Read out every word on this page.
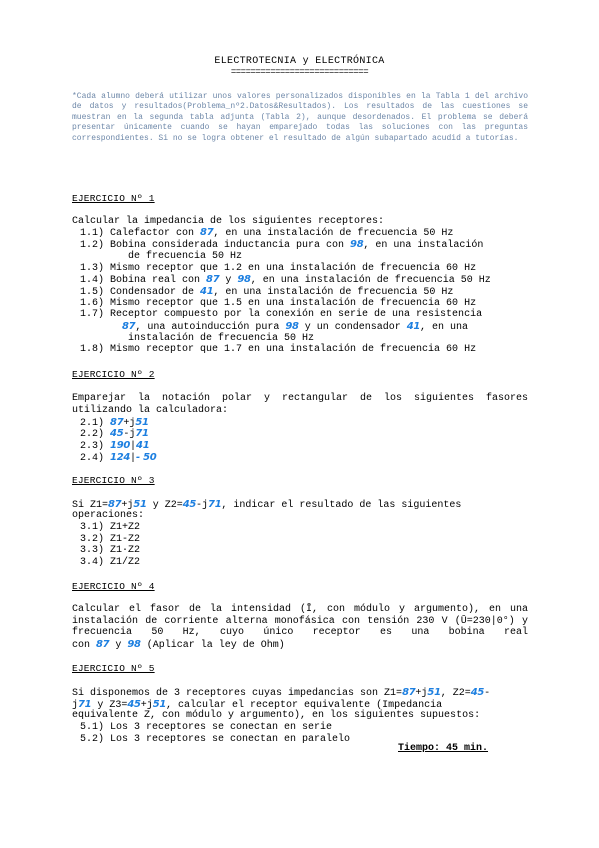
ELECTROTECNIA y ELECTRÓNICA
============================
*Cada alumno deberá utilizar unos valores personalizados disponibles en la Tabla 1 del archivo de datos y resultados(Problema_nº2.Datos&Resultados). Los resultados de las cuestiones se muestran en la segunda tabla adjunta (Tabla 2), aunque desordenados. El problema se deberá presentar únicamente cuando se hayan emparejado todas las soluciones con las preguntas correspondientes. Si no se logra obtener el resultado de algún subapartado acudid a tutorías.
EJERCICIO Nº 1
Calcular la impedancia de los siguientes receptores:
1.1) Calefactor con 87, en una instalación de frecuencia 50 Hz
1.2) Bobina considerada inductancia pura con 98, en una instalación
de frecuencia 50 Hz
1.3) Mismo receptor que 1.2 en una instalación de frecuencia 60 Hz
1.4) Bobina real con 87 y 98, en una instalación de frecuencia 50 Hz
1.5) Condensador de 41, en una instalación de frecuencia 50 Hz
1.6) Mismo receptor que 1.5 en una instalación de frecuencia 60 Hz
1.7) Receptor compuesto por la conexión en serie de una resistencia
87, una autoinducción pura 98 y un condensador 41, en una
instalación de frecuencia 50 Hz
1.8) Mismo receptor que 1.7 en una instalación de frecuencia 60 Hz
EJERCICIO Nº 2
Emparejar la notación polar y rectangular de los siguientes fasores utilizando la calculadora:
2.1) 87+j51
2.2) 45-j71
2.3) 190|41
2.4) 124|- 50
EJERCICIO Nº 3
Si Z1=87+j51 y Z2=45-j71, indicar el resultado de las siguientes
operaciones:
3.1) Z1+Z2
3.2) Z1-Z2
3.3) Z1·Z2
3.4) Z1/Z2
EJERCICIO Nº 4
Calcular el fasor de la intensidad (Ī, con módulo y argumento), en una instalación de corriente alterna monofásica con tensión 230 V (Ū=230|0°) y frecuencia 50 Hz, cuyo único receptor es una bobina real
con 87 y 98 (Aplicar la ley de Ohm)
EJERCICIO Nº 5
Si disponemos de 3 receptores cuyas impedancias son Z1=87+j51, Z2=45-
j71 y Z3=45+j51, calcular el receptor equivalente (Impedancia
equivalente Z, con módulo y argumento), en los siguientes supuestos:
5.1) Los 3 receptores se conectan en serie
5.2) Los 3 receptores se conectan en paralelo
Tiempo: 45 min.
